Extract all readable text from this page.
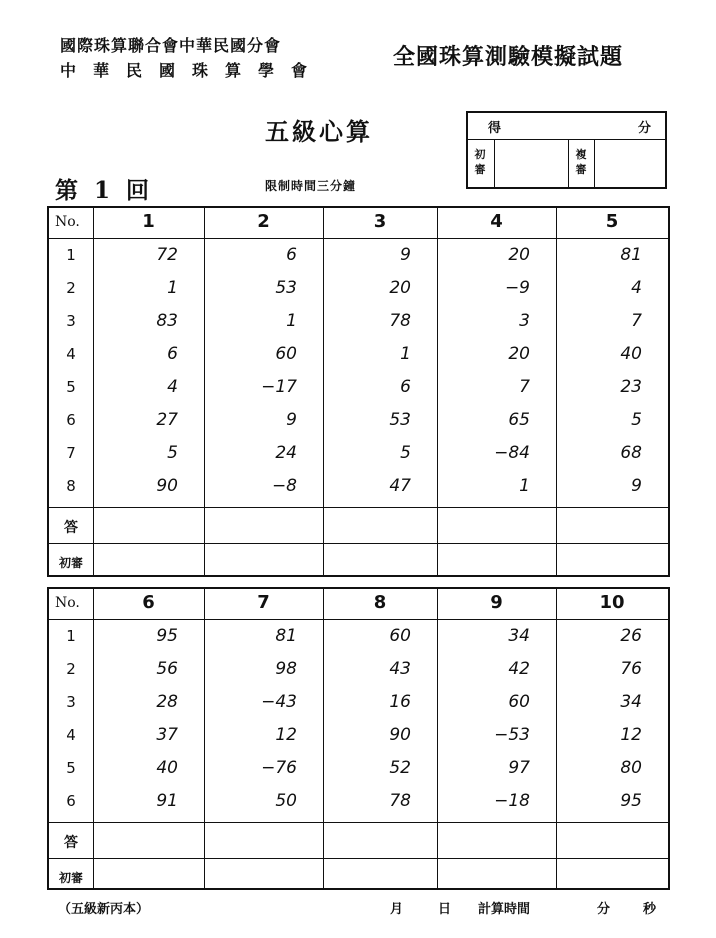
國際珠算聯合會中華民國分會
中華民國珠算學會
全國珠算測驗模擬試題
五級心算
第 1 回	限制時間三分鐘
得	分
初
審
複
審
No.	1	2	3	4	5
1	72	6	9	20	81
2	1	53	20	−9	4
3	83	1	78	3	7
4	6	60	1	20	40
5	4	−17	6	7	23
6	27	9	53	65	5
7	5	24	5	−84	68
8	90	−8	47	1	9
答
初審
No.	6	7	8	9	10
1	95	81	60	34	26
2	56	98	43	42	76
3	28	−43	16	60	34
4	37	12	90	−53	12
5	40	−76	52	97	80
6	91	50	78	−18	95
答
初審
（五級新丙本）	月	日 計算時間	分	秒
